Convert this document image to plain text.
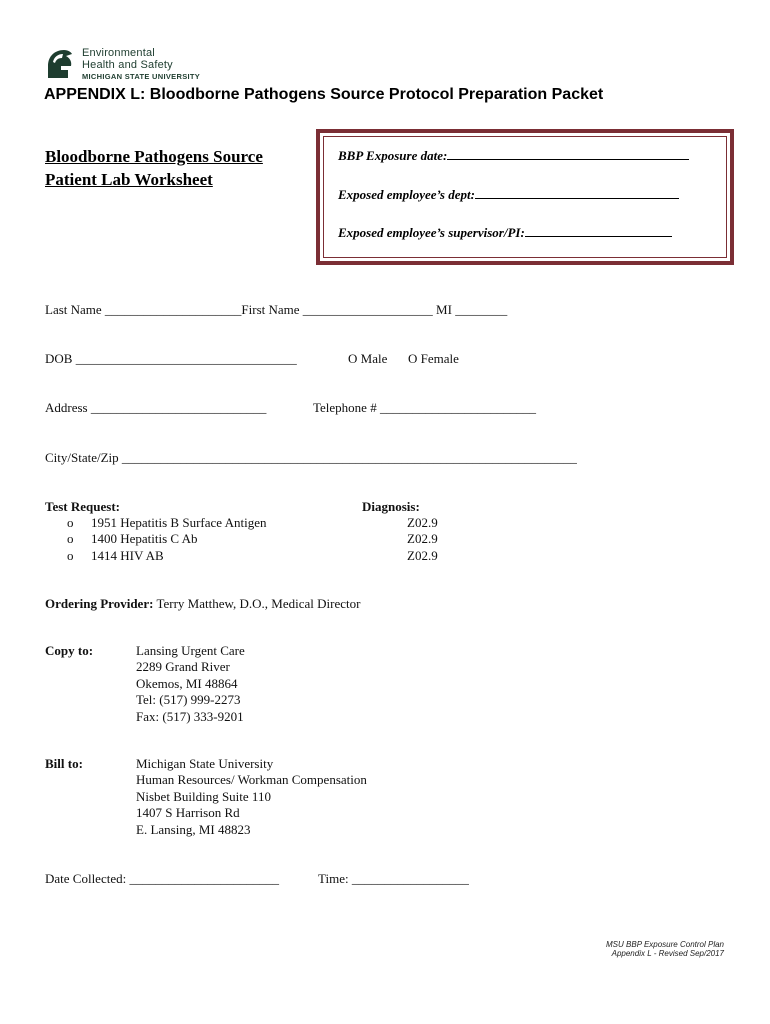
Environmental
Health and Safety
MICHIGAN STATE UNIVERSITY
APPENDIX L: Bloodborne Pathogens Source Protocol Preparation Packet
Bloodborne Pathogens Source
Patient Lab Worksheet
BBP Exposure date:
Exposed employee’s dept:
Exposed employee’s supervisor/PI:
Last Name _____________________First Name ____________________ MI ________
DOB __________________________________	O Male O Female
Address ___________________________	Telephone # ________________________
City/State/Zip ______________________________________________________________________
Test Request:	Diagnosis:
o 1951 Hepatitis B Surface Antigen	Z02.9
o 1400 Hepatitis C Ab	Z02.9
o 1414 HIV AB	Z02.9
Ordering Provider: Terry Matthew, D.O., Medical Director
Copy to:	Lansing Urgent Care
2289 Grand River
Okemos, MI 48864
Tel: (517) 999-2273
Fax: (517) 333-9201
Bill to:	Michigan State University
Human Resources/ Workman Compensation
Nisbet Building Suite 110
1407 S Harrison Rd
E. Lansing, MI 48823
Date Collected: _______________________	Time: __________________
MSU BBP Exposure Control Plan
Appendix L - Revised Sep/2017
